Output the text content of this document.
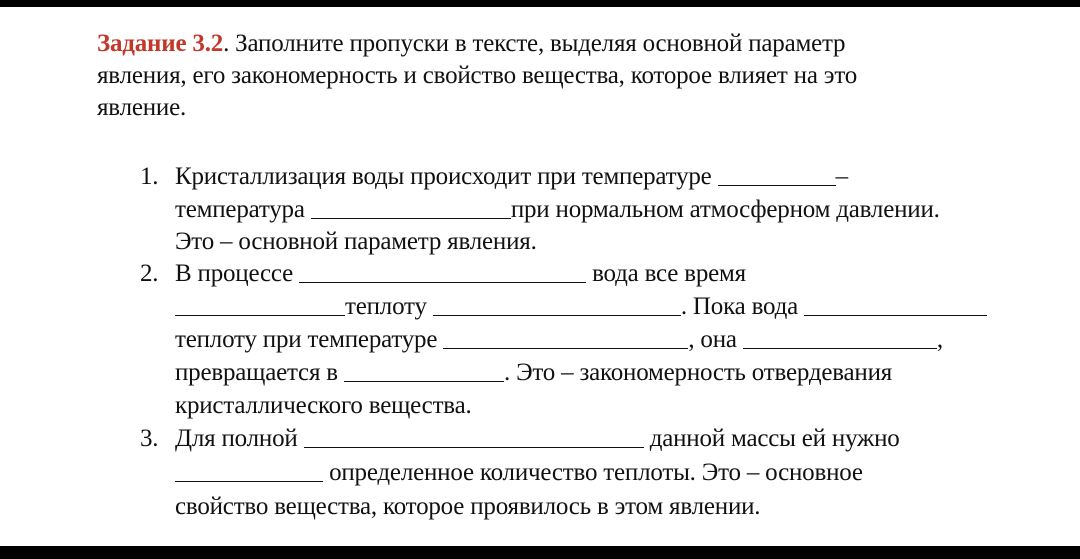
Задание 3.2. Заполните пропуски в тексте, выделяя основной параметр
явления, его закономерность и свойство вещества, которое влияет на это
явление.
1. Кристаллизация воды происходит при температуре	–
температура	при нормальном атмосферном давлении.
Это – основной параметр явления.
2. В процессе	вода все время
теплоту	. Пока вода
теплоту при температуре	, она	,
превращается в	. Это – закономерность отвердевания
кристаллического вещества.
3. Для полной	данной массы ей нужно
определенное количество теплоты. Это – основное
свойство вещества, которое проявилось в этом явлении.
